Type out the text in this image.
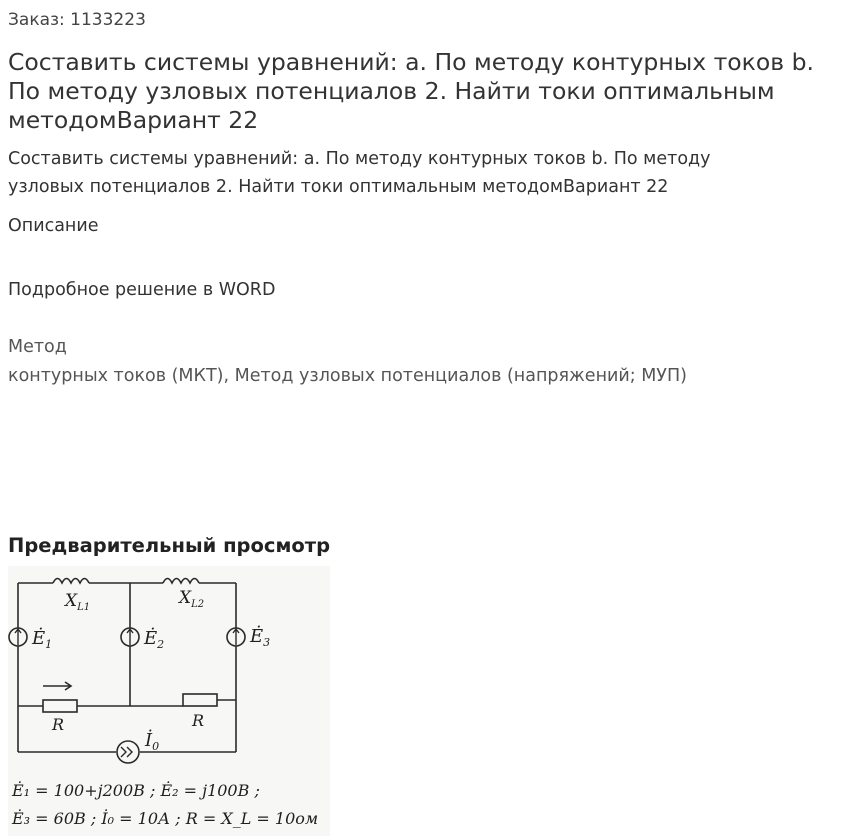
Заказ: 1133223
Составить системы уравнений: a. По методу контурных токов b.
По методу узловых потенциалов 2. Найти токи оптимальным
методомВариант 22
Составить системы уравнений: a. По методу контурных токов b. По методу
узловых потенциалов 2. Найти токи оптимальным методомВариант 22
Описание
Подробное решение в WORD
Метод
контурных токов (МКТ), Метод узловых потенциалов (напряжений; МУП)
Предварительный просмотр
$X_{L1}$	$X_{L2}$
$Ė_1$	$Ė_2$	$Ė_3$
R	R
$İ_0$
Ė₁ = 100+j200В ; Ė₂ = j100В ;
Ė₃ = 60В ; İ₀ = 10А ; R = X_L = 10ом
